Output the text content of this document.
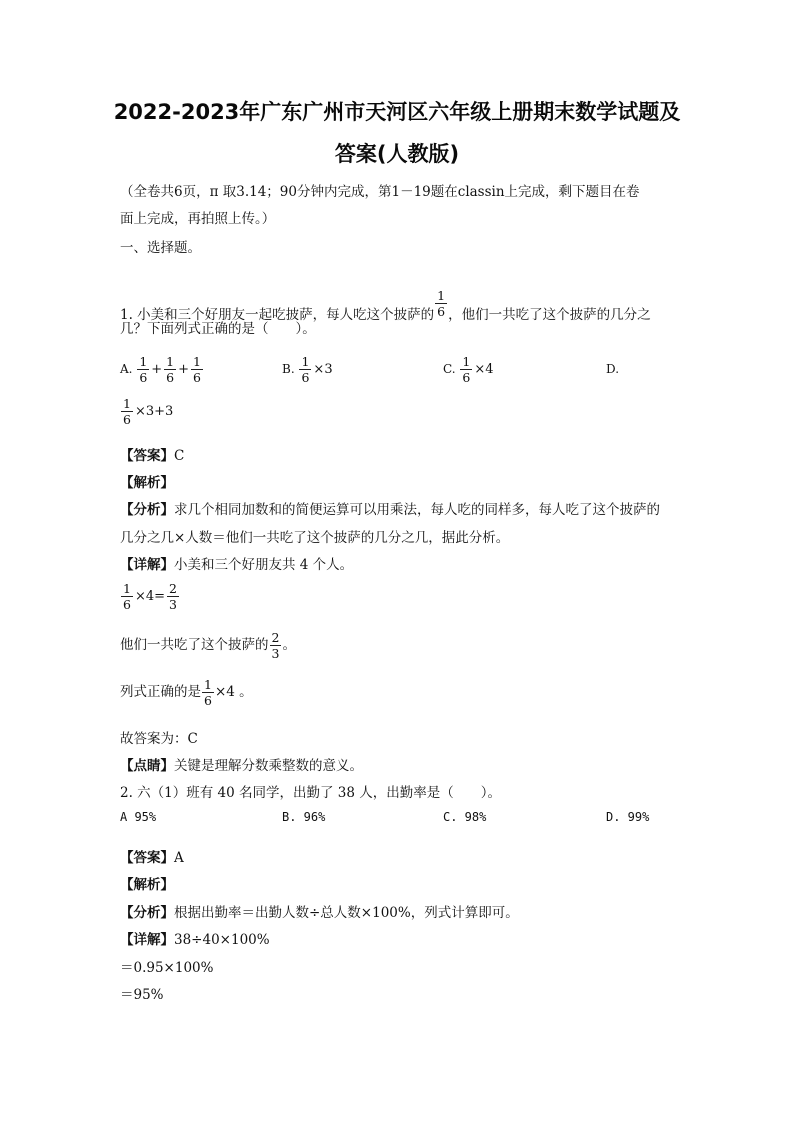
2022-2023年广东广州市天河区六年级上册期末数学试题及
答案(人教版)
（全卷共6页，π 取3.14；90分钟内完成，第1－19题在classin上完成，剩下题目在卷
面上完成，再拍照上传。）
一、选择题。
1. 小美和三个好朋友一起吃披萨，每人吃这个披萨的 $\frac{1}{6}$ ，他们一共吃了这个披萨的几分之
几？下面列式正确的是（　　）。
A. $\frac{1}{6} + \frac{1}{6} + \frac{1}{6}$	B. $\frac{1}{6} \times 3$	C. $\frac{1}{6} \times 4$	D.
$\frac{1}{6} \times 3+3$
【答案】C
【解析】
【分析】求几个相同加数和的简便运算可以用乘法，每人吃的同样多，每人吃了这个披萨的
几分之几×人数＝他们一共吃了这个披萨的几分之几，据此分析。
【详解】小美和三个好朋友共 4 个人。
$\frac{1}{6} \times 4= \frac{2}{3}$
他们一共吃了这个披萨的 $\frac{2}{3}$ 。
列式正确的是 $\frac{1}{6} \times 4$ 。
故答案为：C
【点睛】关键是理解分数乘整数的意义。
2. 六（1）班有 40 名同学，出勤了 38 人，出勤率是（　　）。
A 95%	B. 96%	C. 98%	D. 99%
【答案】A
【解析】
【分析】根据出勤率＝出勤人数÷总人数×100%，列式计算即可。
【详解】38÷40×100%
＝0.95×100%
＝95%
